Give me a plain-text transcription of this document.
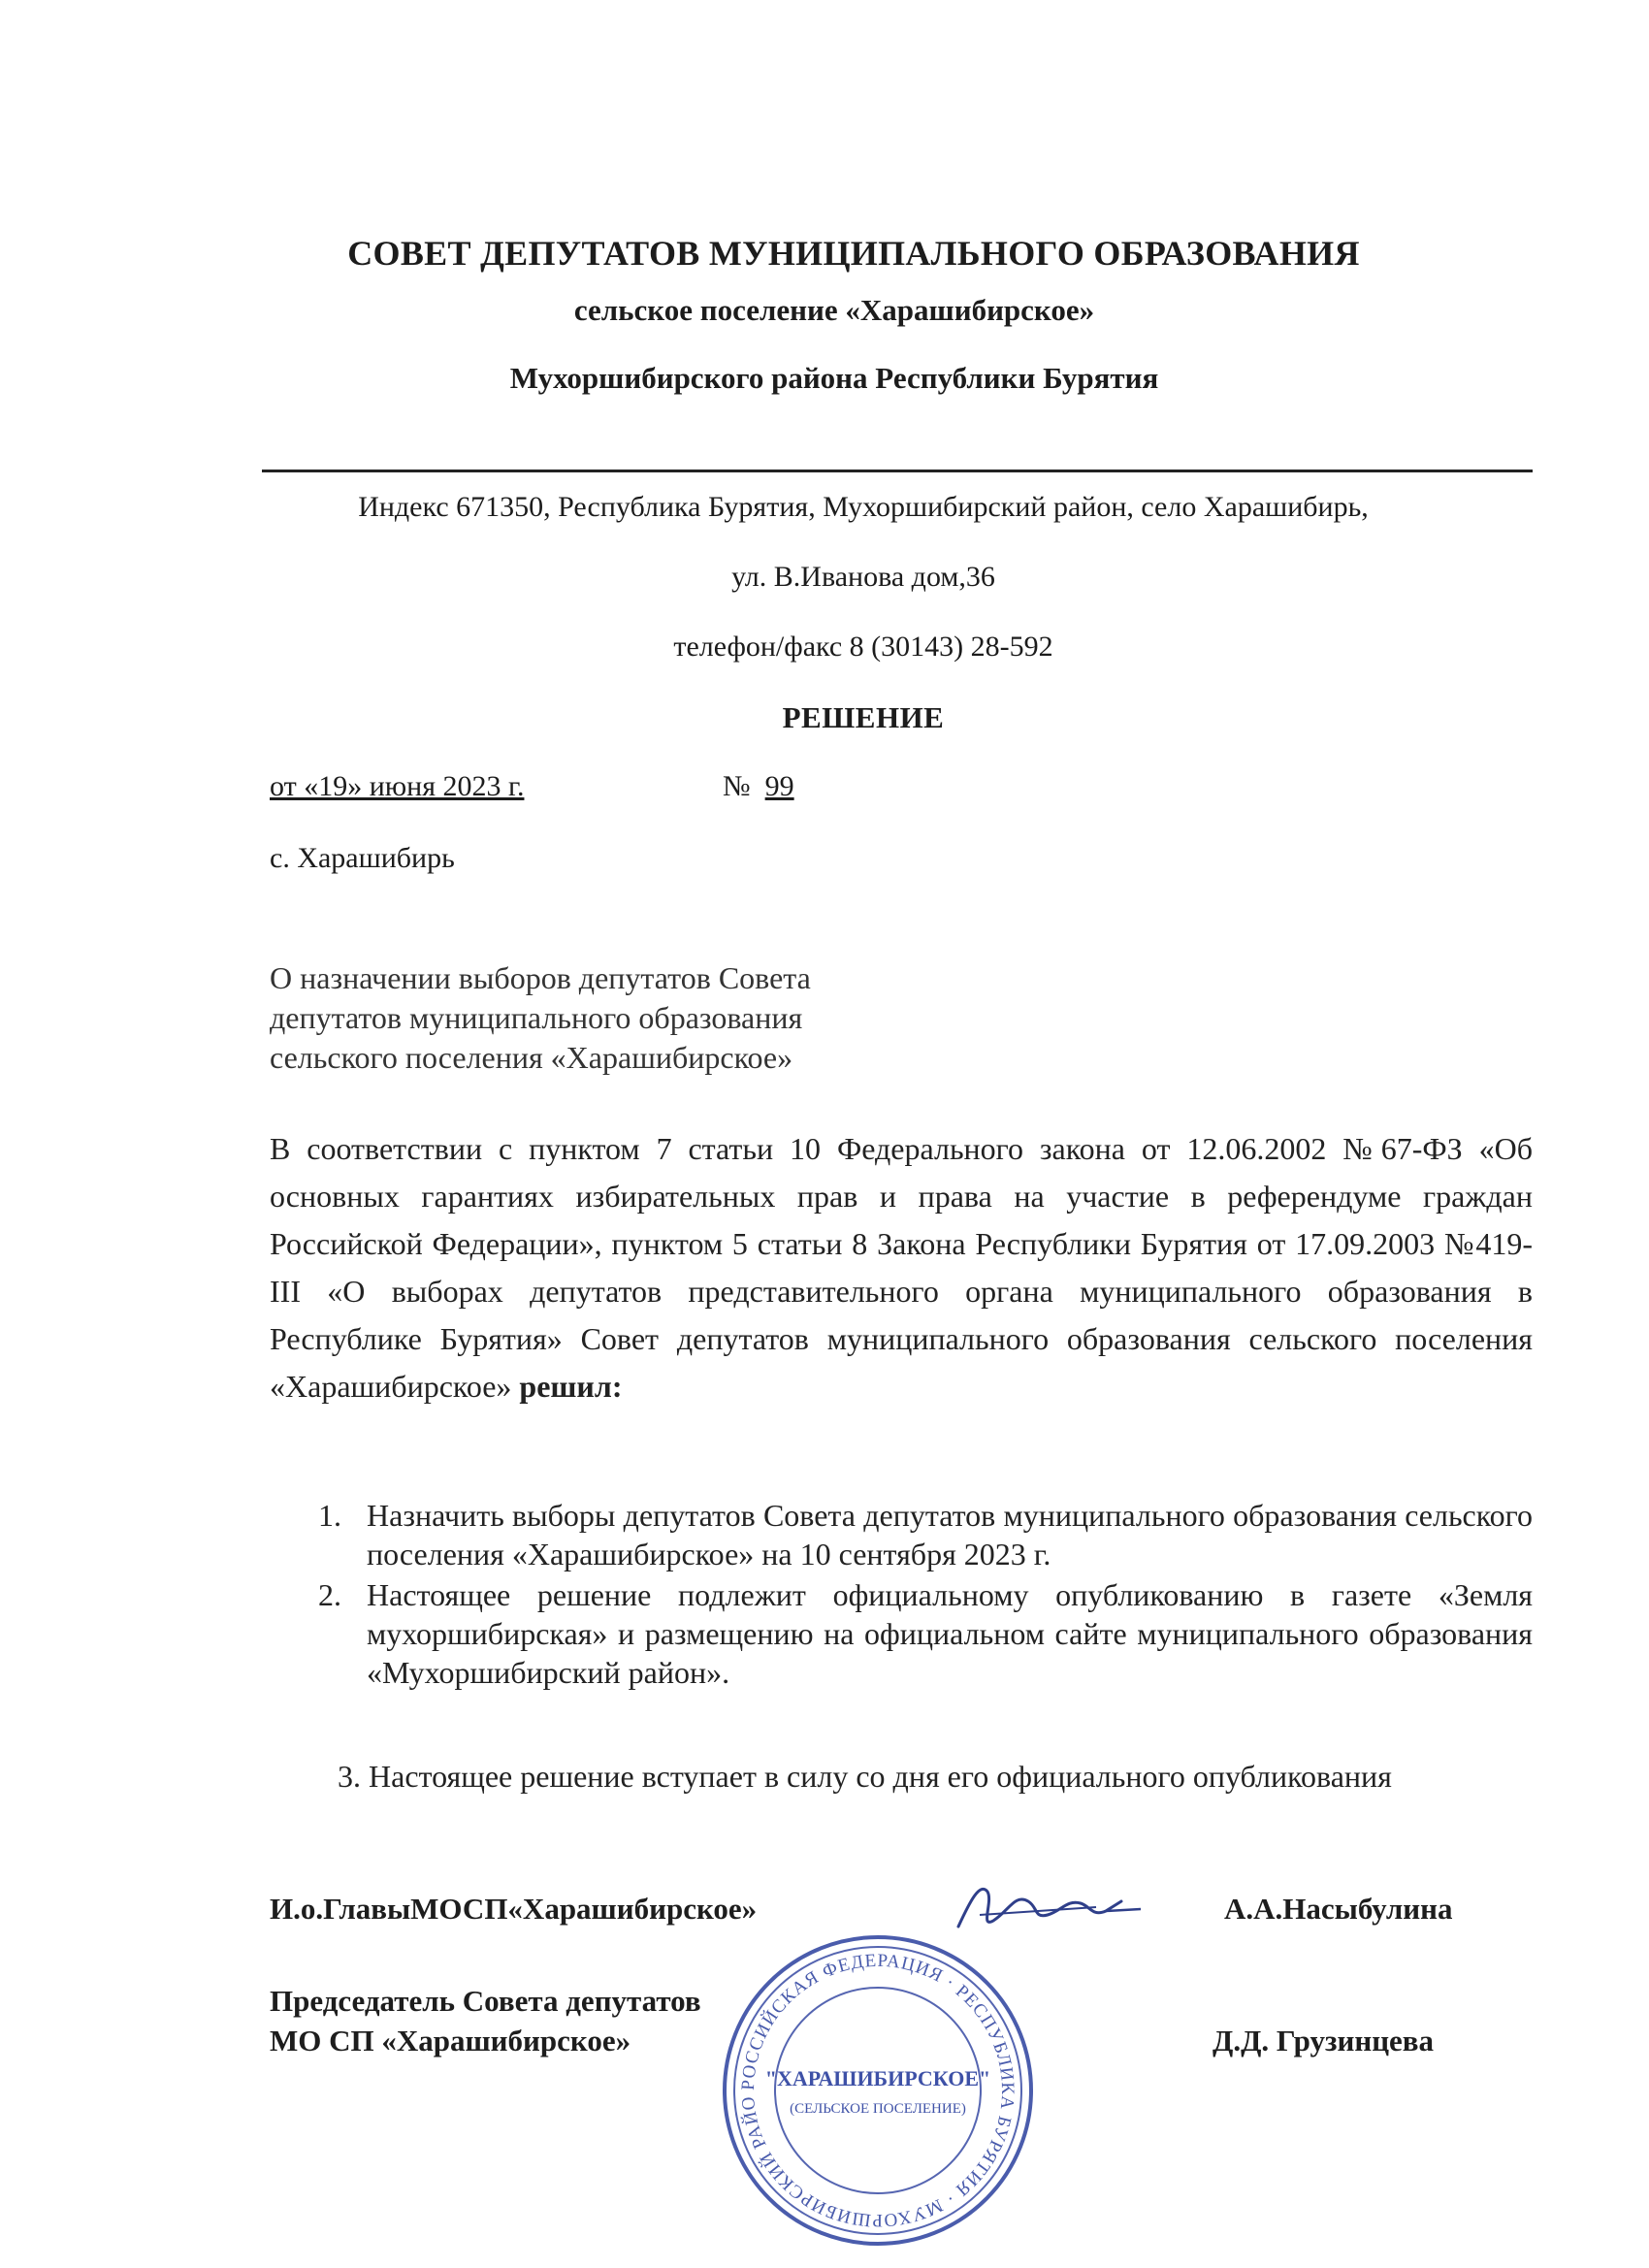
СОВЕТ ДЕПУТАТОВ МУНИЦИПАЛЬНОГО ОБРАЗОВАНИЯ
сельское поселение «Харашибирское»
Мухоршибирского района Республики Бурятия
Индекс 671350, Республика Бурятия, Мухоршибирский район, село Харашибирь,
ул. В.Иванова дом,36
телефон/факс 8 (30143) 28-592
РЕШЕНИЕ
от «19» июня 2023 г.	№ 99
с. Харашибирь
О назначении выборов депутатов Совета
депутатов муниципального образования
сельского поселения «Харашибирское»
В соответствии с пунктом 7 статьи 10 Федерального закона от 12.06.2002 №67-ФЗ «Об основных гарантиях избирательных прав и права на участие в референдуме граждан Российской Федерации», пунктом 5 статьи 8 Закона Республики Бурятия от 17.09.2003 №419-III «О выборах депутатов представительного органа муниципального образования в Республике Бурятия» Совет депутатов муниципального образования сельского поселения «Харашибирское» решил:
1. Назначить выборы депутатов Совета депутатов муниципального образования сельского поселения «Харашибирское» на 10 сентября 2023 г.
2. Настоящее решение подлежит официальному опубликованию в газете «Земля мухоршибирская» и размещению на официальном сайте муниципального образования «Мухоршибирский район».
3. Настоящее решение вступает в силу со дня его официального опубликования
И.о.ГлавыМОСП«Харашибирское»	А.А.Насыбулина
РОССИЙСКАЯ ФЕДЕРАЦИЯ · РЕСПУБЛИКА БУРЯТИЯ · МУХОРШИБИРСКИЙ РАЙО
"ХАРАШИБИРСКОЕ"
(СЕЛЬСКОЕ ПОСЕЛЕНИЕ)
Председатель Совета депутатов
МО СП «Харашибирское»	Д.Д. Грузинцева
